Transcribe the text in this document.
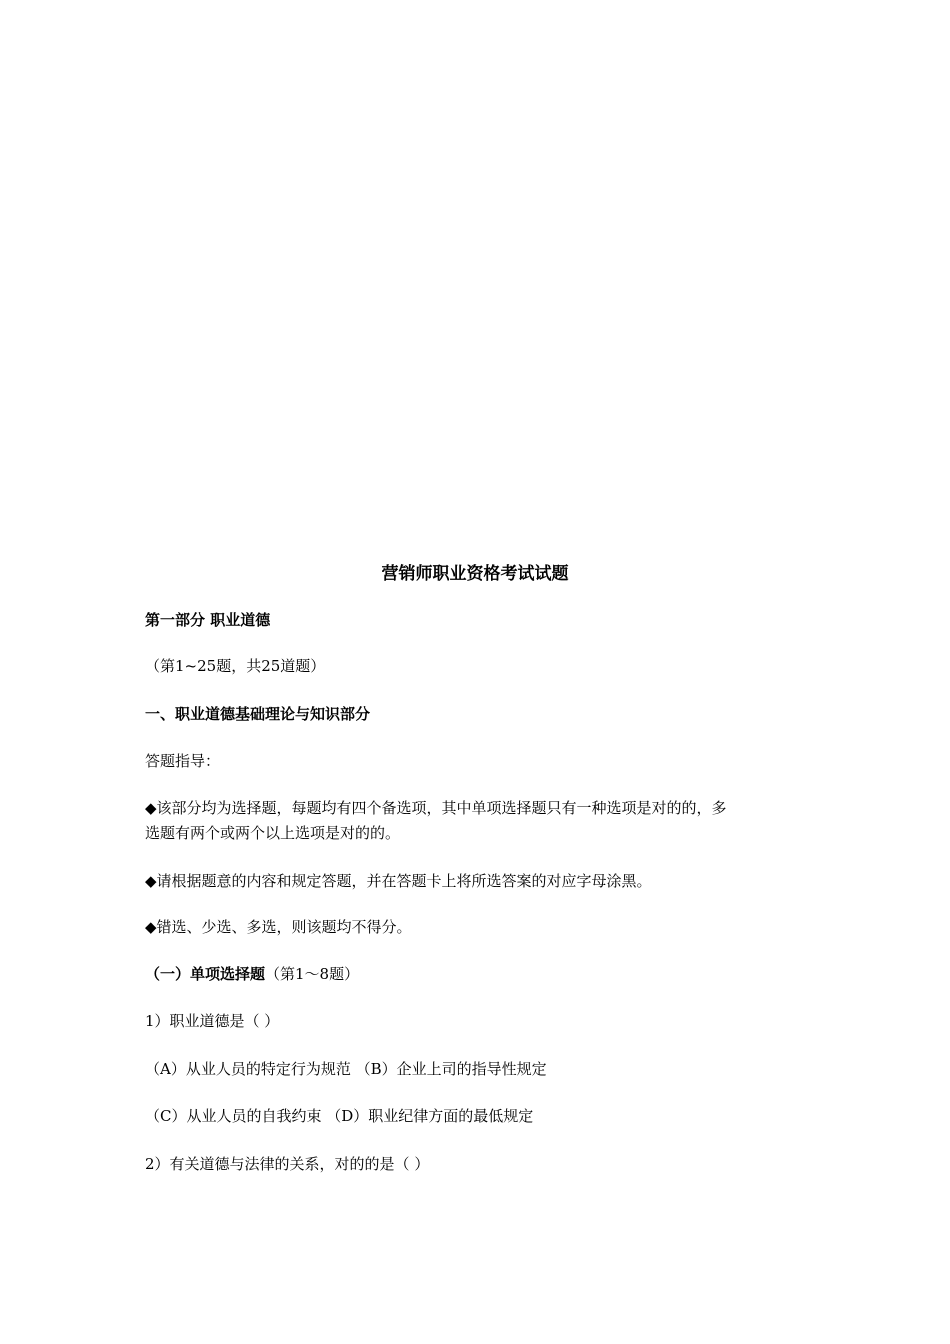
营销师职业资格考试试题
第一部分 职业道德
（第1~25题，共25道题）
一、职业道德基础理论与知识部分
答题指导：
◆该部分均为选择题，每题均有四个备选项，其中单项选择题只有一种选项是对的的，多
选题有两个或两个以上选项是对的的。
◆请根据题意的内容和规定答题，并在答题卡上将所选答案的对应字母涂黑。
◆错选、少选、多选，则该题均不得分。
（一）单项选择题（第1～8题）
1）职业道德是（ ）
（A）从业人员的特定行为规范 （B）企业上司的指导性规定
（C）从业人员的自我约束 （D）职业纪律方面的最低规定
2）有关道德与法律的关系，对的的是（ ）
